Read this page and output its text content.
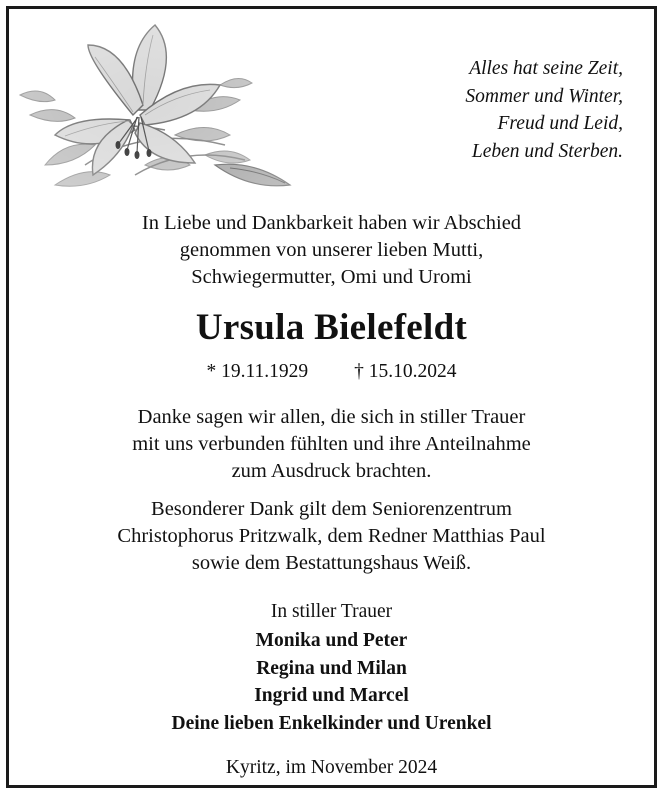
Alles hat seine Zeit,
Sommer und Winter,
Freud und Leid,
Leben und Sterben.
In Liebe und Dankbarkeit haben wir Abschied
genommen von unserer lieben Mutti,
Schwiegermutter, Omi und Uromi
Ursula Bielefeldt
* 19.11.1929 † 15.10.2024
Danke sagen wir allen, die sich in stiller Trauer
mit uns verbunden fühlten und ihre Anteilnahme
zum Ausdruck brachten.
Besonderer Dank gilt dem Seniorenzentrum
Christophorus Pritzwalk, dem Redner Matthias Paul
sowie dem Bestattungshaus Weiß.
In stiller Trauer
Monika und Peter
Regina und Milan
Ingrid und Marcel
Deine lieben Enkelkinder und Urenkel
Kyritz, im November 2024
